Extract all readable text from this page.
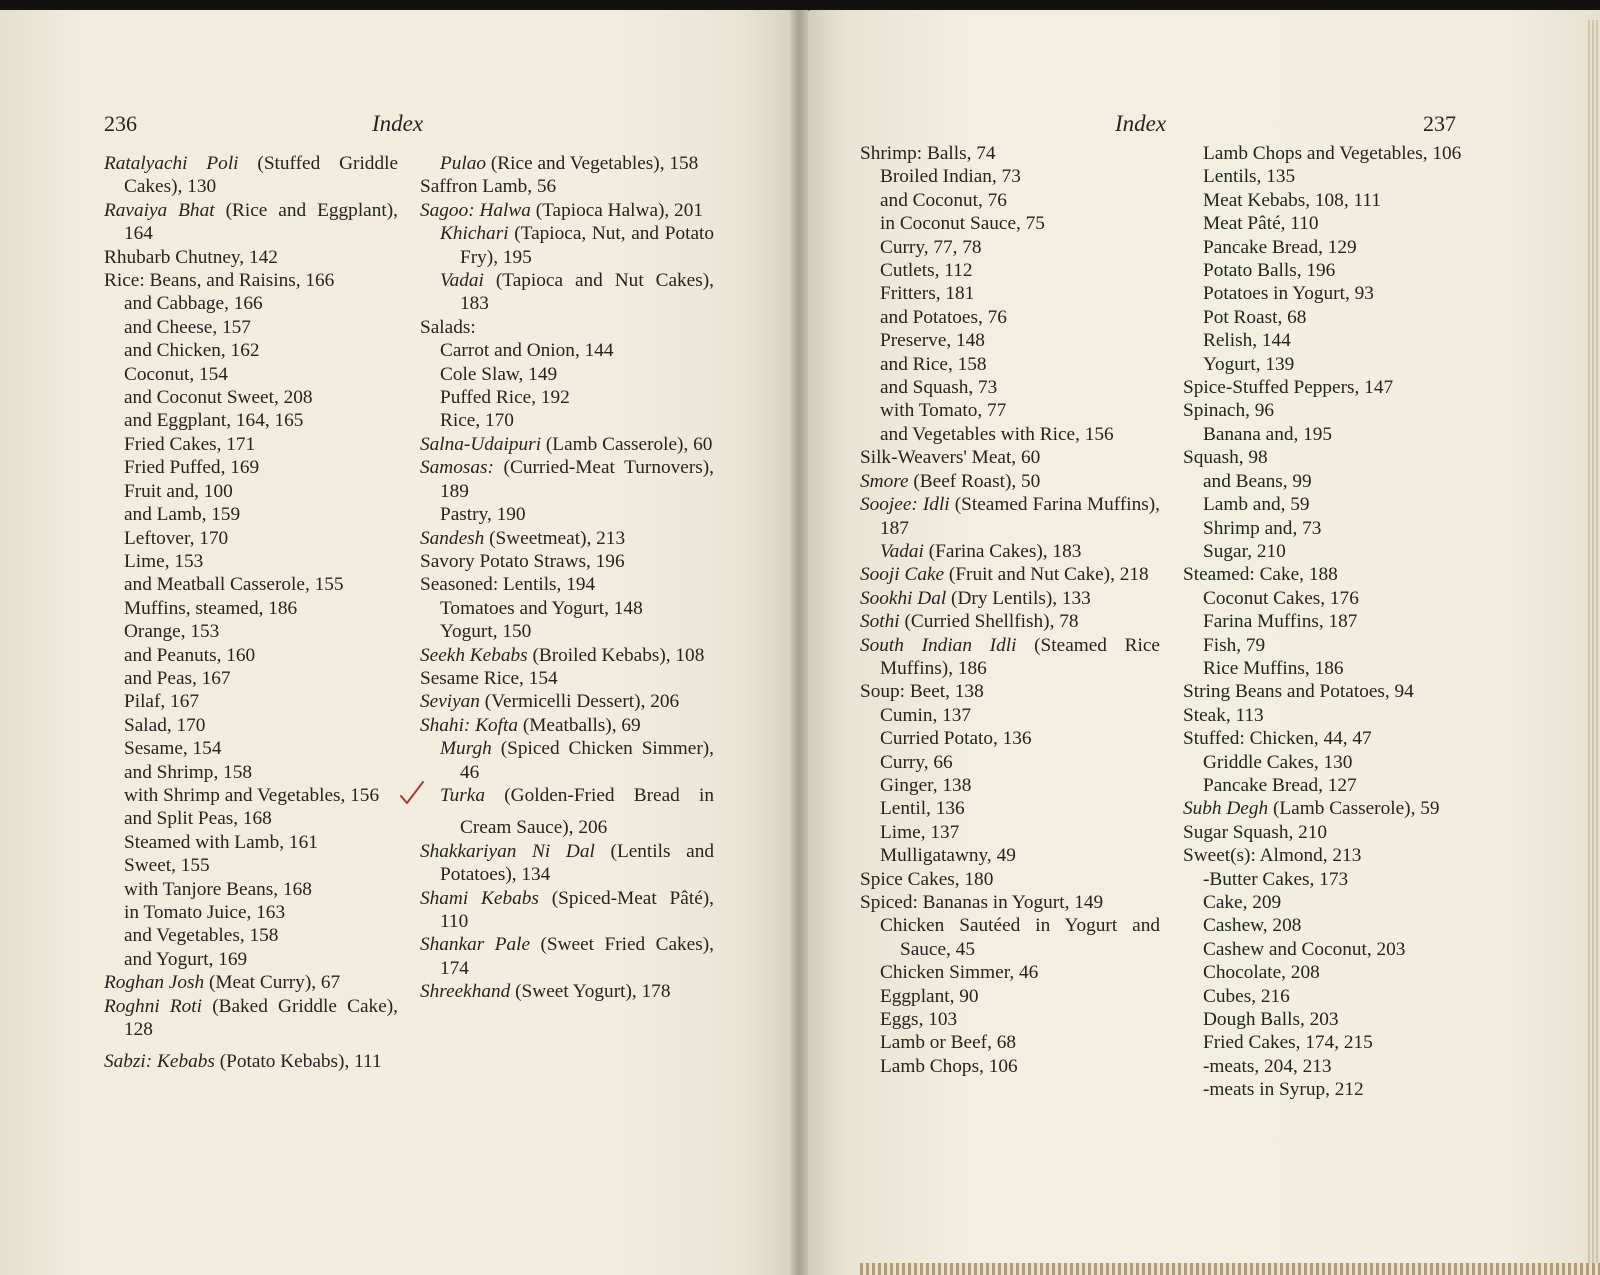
236	Index
Ratalyachi Poli (Stuffed Griddle Cakes), 130
Ravaiya Bhat (Rice and Eggplant), 164
Rhubarb Chutney, 142
Rice: Beans, and Raisins, 166
and Cabbage, 166
and Cheese, 157
and Chicken, 162
Coconut, 154
and Coconut Sweet, 208
and Eggplant, 164, 165
Fried Cakes, 171
Fried Puffed, 169
Fruit and, 100
and Lamb, 159
Leftover, 170
Lime, 153
and Meatball Casserole, 155
Muffins, steamed, 186
Orange, 153
and Peanuts, 160
and Peas, 167
Pilaf, 167
Salad, 170
Sesame, 154
and Shrimp, 158
with Shrimp and Vegetables, 156
and Split Peas, 168
Steamed with Lamb, 161
Sweet, 155
with Tanjore Beans, 168
in Tomato Juice, 163
and Vegetables, 158
and Yogurt, 169
Roghan Josh (Meat Curry), 67
Roghni Roti (Baked Griddle Cake), 128
Sabzi: Kebabs (Potato Kebabs), 111
Pulao (Rice and Vegetables), 158
Saffron Lamb, 56
Sagoo: Halwa (Tapioca Halwa), 201
Khichari (Tapioca, Nut, and Potato Fry), 195
Vadai (Tapioca and Nut Cakes), 183
Salads:
Carrot and Onion, 144
Cole Slaw, 149
Puffed Rice, 192
Rice, 170
Salna-Udaipuri (Lamb Casserole), 60
Samosas: (Curried-Meat Turnovers), 189
Pastry, 190
Sandesh (Sweetmeat), 213
Savory Potato Straws, 196
Seasoned: Lentils, 194
Tomatoes and Yogurt, 148
Yogurt, 150
Seekh Kebabs (Broiled Kebabs), 108
Sesame Rice, 154
Seviyan (Vermicelli Dessert), 206
Shahi: Kofta (Meatballs), 69
Murgh (Spiced Chicken Simmer), 46
Turka (Golden-Fried Bread in Cream Sauce), 206
Shakkariyan Ni Dal (Lentils and Potatoes), 134
Shami Kebabs (Spiced-Meat Pâté), 110
Shankar Pale (Sweet Fried Cakes), 174
Shreekhand (Sweet Yogurt), 178
Index	237
Shrimp: Balls, 74
Broiled Indian, 73
and Coconut, 76
in Coconut Sauce, 75
Curry, 77, 78
Cutlets, 112
Fritters, 181
and Potatoes, 76
Preserve, 148
and Rice, 158
and Squash, 73
with Tomato, 77
and Vegetables with Rice, 156
Silk-Weavers' Meat, 60
Smore (Beef Roast), 50
Soojee: Idli (Steamed Farina Muffins), 187
Vadai (Farina Cakes), 183
Sooji Cake (Fruit and Nut Cake), 218
Sookhi Dal (Dry Lentils), 133
Sothi (Curried Shellfish), 78
South Indian Idli (Steamed Rice Muffins), 186
Soup: Beet, 138
Cumin, 137
Curried Potato, 136
Curry, 66
Ginger, 138
Lentil, 136
Lime, 137
Mulligatawny, 49
Spice Cakes, 180
Spiced: Bananas in Yogurt, 149
Chicken Sautéed in Yogurt and Sauce, 45
Chicken Simmer, 46
Eggplant, 90
Eggs, 103
Lamb or Beef, 68
Lamb Chops, 106
Lamb Chops and Vegetables, 106
Lentils, 135
Meat Kebabs, 108, 111
Meat Pâté, 110
Pancake Bread, 129
Potato Balls, 196
Potatoes in Yogurt, 93
Pot Roast, 68
Relish, 144
Yogurt, 139
Spice-Stuffed Peppers, 147
Spinach, 96
Banana and, 195
Squash, 98
and Beans, 99
Lamb and, 59
Shrimp and, 73
Sugar, 210
Steamed: Cake, 188
Coconut Cakes, 176
Farina Muffins, 187
Fish, 79
Rice Muffins, 186
String Beans and Potatoes, 94
Steak, 113
Stuffed: Chicken, 44, 47
Griddle Cakes, 130
Pancake Bread, 127
Subh Degh (Lamb Casserole), 59
Sugar Squash, 210
Sweet(s): Almond, 213
-Butter Cakes, 173
Cake, 209
Cashew, 208
Cashew and Coconut, 203
Chocolate, 208
Cubes, 216
Dough Balls, 203
Fried Cakes, 174, 215
-meats, 204, 213
-meats in Syrup, 212
